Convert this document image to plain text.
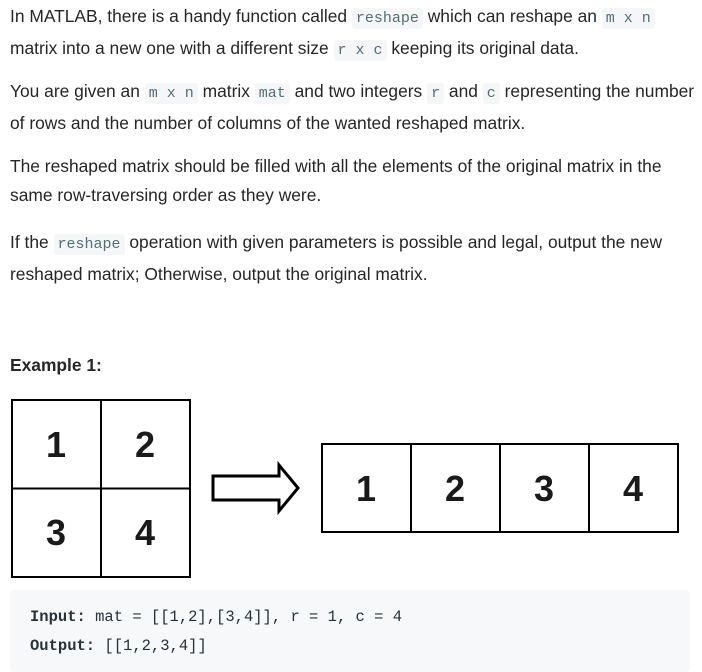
In MATLAB, there is a handy function called reshape which can reshape an m x n matrix into a new one with a different size r x c keeping its original data.

You are given an m x n matrix mat and two integers r and c representing the number of rows and the number of columns of the wanted reshaped matrix.

The reshaped matrix should be filled with all the elements of the original matrix in the same row-traversing order as they were.

If the reshape operation with given parameters is possible and legal, output the new reshaped matrix; Otherwise, output the original matrix.

Example 1:
1 2
3 4
1 2 3 4
Input: mat = [[1,2],[3,4]], r = 1, c = 4
Output: [[1,2,3,4]]
